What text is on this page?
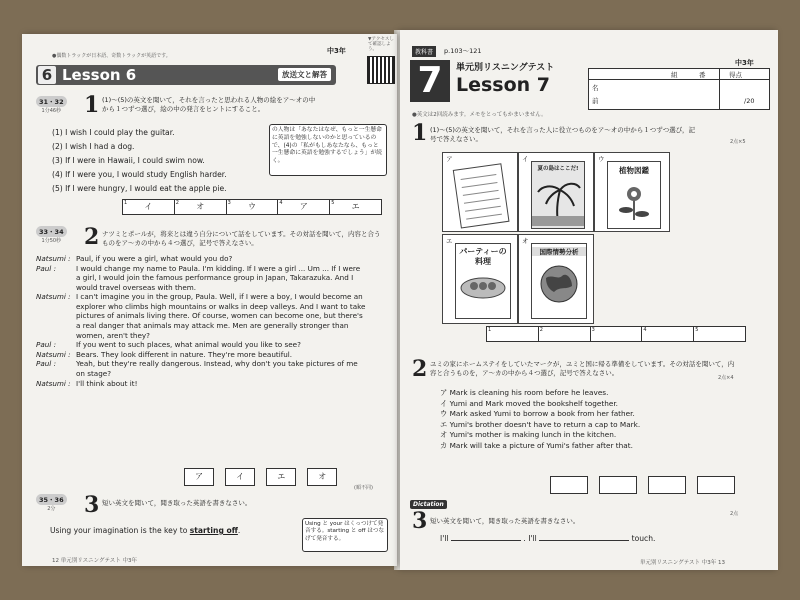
●偶数トラックが日本語、奇数トラックが英語です。
中3年
▼アクセスして確認しよう。
6 Lesson 6	放送文と解答
31・32
1分46秒 1 (1)〜(5)の英文を聞いて，それを言ったと思われる人物の絵をア〜オの中から１つずつ選び，絵の中の発言をヒントにすること。
(1) I wish I could play the guitar.
(2) I wish I had a dog.
(3) If I were in Hawaii, I could swim now.
(4) If I were you, I would study English harder.
(5) If I were hungry, I would eat the apple pie.
の人物は「あなたはなぜ、もっと一生懸命に英語を勉強しないのかと思っているので、(4)の「私がもしあなたなら、もっと一生懸命に英語を勉強するでしょう」が続く。
1 イ	2 オ	3 ウ	4 ア	5 エ
33・34
1分50秒 2 ナツミとポールが，将来とは違う自分について話をしています。その対話を聞いて，内容と合うものをア〜カの中から４つ選び，記号で答えなさい。
Natsumi :	Paul, if you were a girl, what would you do?
Paul :	I would change my name to Paula. I'm kidding. If I were a girl ... Um ... If I were a girl, I would join the famous performance group in Japan, Takarazuka. And I would travel overseas with them.
Natsumi :	I can't imagine you in the group, Paula. Well, if I were a boy, I would become an explorer who climbs high mountains or walks in deep valleys. And I want to take pictures of animals living there. Of course, women can become one, but there's a real danger that animals may attack me. Men are generally stronger than women, aren't they?
Paul :	If you went to such places, what animal would you like to see?
Natsumi :	Bears. They look different in nature. They're more beautiful.
Paul :	Yeah, but they're really dangerous. Instead, why don't you take pictures of me on stage?
Natsumi :	I'll think about it!
ア	イ	エ	オ
(順不同)
35・36
2分	3 短い英文を聞いて，聞き取った英語を書きなさい。
Using your imagination is the key to starting off.
Using と your はくっつけて発音する。starting と off はつなげて発音する。
12 単元別リスニングテスト 中3年
教科書	p.103〜121
中3年
7	単元別リスニングテスト
Lesson 7	組	番	得点
名
前	/20
●英文は2回読みます。メモをとってもかまいません。
1 (1)〜(5)の英文を聞いて，それを言った人に役立つものをア〜オの中から１つずつ選び，記号で答えなさい。	2点×5
ア	イ
夏の島はここだ!
ウ
植物図鑑
エ
パーティーの料理
オ
国際情勢分析
1	2	3	4	5
2 ユミの家にホームステイをしていたマークが，ユミと国に帰る準備をしています。その対話を聞いて，内容と合うものを，ア〜カの中から４つ選び，記号で答えなさい。
2点×4
ア Mark is cleaning his room before he leaves.
イ Yumi and Mark moved the bookshelf together.
ウ Mark asked Yumi to borrow a book from her father.
エ Yumi's brother doesn't have to return a cap to Mark.
オ Yumi's mother is making lunch in the kitchen.
カ Mark will take a picture of Yumi's father after that.

Dictation
3 短い英文を聞いて，聞き取った英語を書きなさい。
2点
I'll	. I'll	touch.
単元別リスニングテスト 中3年 13
